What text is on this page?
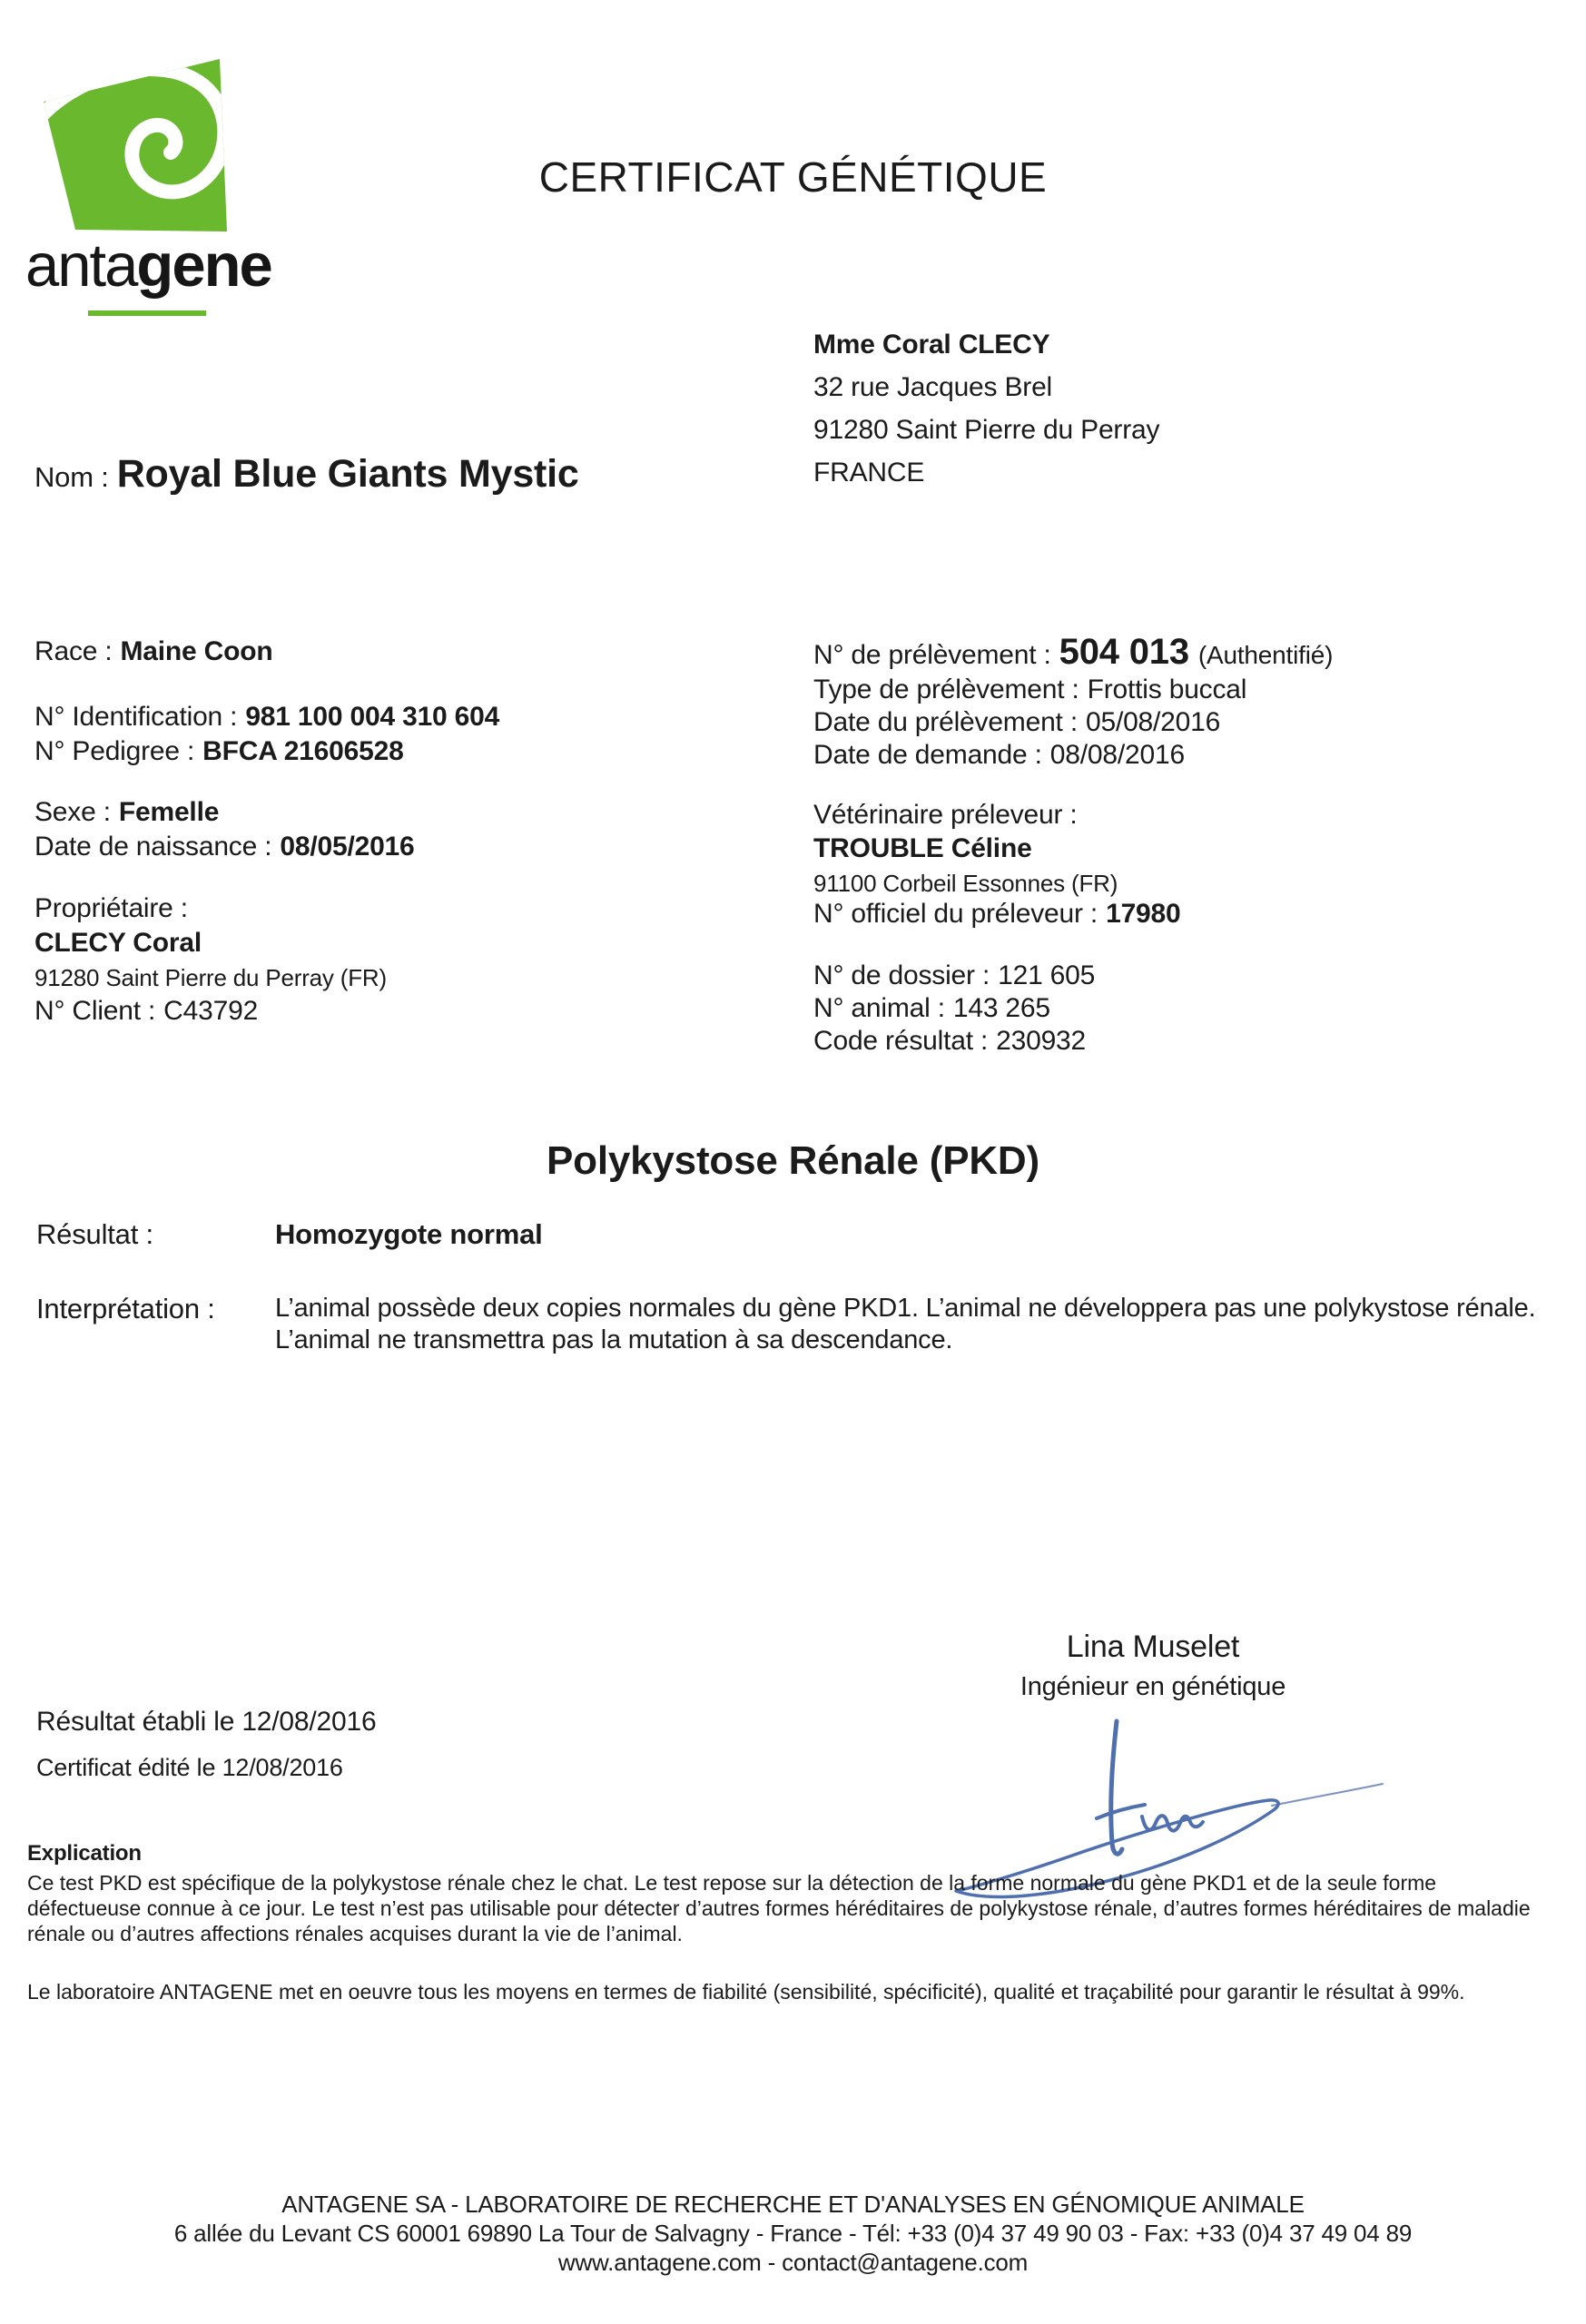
antagene
CERTIFICAT GÉNÉTIQUE
Mme Coral CLECY
32 rue Jacques Brel
91280 Saint Pierre du Perray
FRANCE
Nom : Royal Blue Giants Mystic
Race : Maine Coon
N° Identification : 981 100 004 310 604
N° Pedigree : BFCA 21606528
Sexe : Femelle
Date de naissance : 08/05/2016
Propriétaire :
CLECY Coral
91280 Saint Pierre du Perray (FR)
N° Client : C43792
N° de prélèvement : 504 013 (Authentifié)
Type de prélèvement : Frottis buccal
Date du prélèvement : 05/08/2016
Date de demande : 08/08/2016
Vétérinaire préleveur :
TROUBLE Céline
91100 Corbeil Essonnes (FR)
N° officiel du préleveur : 17980
N° de dossier : 121 605
N° animal : 143 265
Code résultat : 230932
Polykystose Rénale (PKD)
Résultat :	Homozygote normal
Interprétation : L’animal possède deux copies normales du gène PKD1. L’animal ne développera pas une polykystose rénale. L’animal ne transmettra pas la mutation à sa descendance.
Lina Muselet
Ingénieur en génétique
Résultat établi le 12/08/2016
Certificat édité le 12/08/2016
Explication
Ce test PKD est spécifique de la polykystose rénale chez le chat. Le test repose sur la détection de la forme normale du gène PKD1 et de la seule forme défectueuse connue à ce jour. Le test n’est pas utilisable pour détecter d’autres formes héréditaires de polykystose rénale, d’autres formes héréditaires de maladie rénale ou d’autres affections rénales acquises durant la vie de l’animal.
Le laboratoire ANTAGENE met en oeuvre tous les moyens en termes de fiabilité (sensibilité, spécificité), qualité et traçabilité pour garantir le résultat à 99%.
ANTAGENE SA - LABORATOIRE DE RECHERCHE ET D'ANALYSES EN GÉNOMIQUE ANIMALE
6 allée du Levant CS 60001 69890 La Tour de Salvagny - France - Tél: +33 (0)4 37 49 90 03 - Fax: +33 (0)4 37 49 04 89
www.antagene.com - contact@antagene.com
